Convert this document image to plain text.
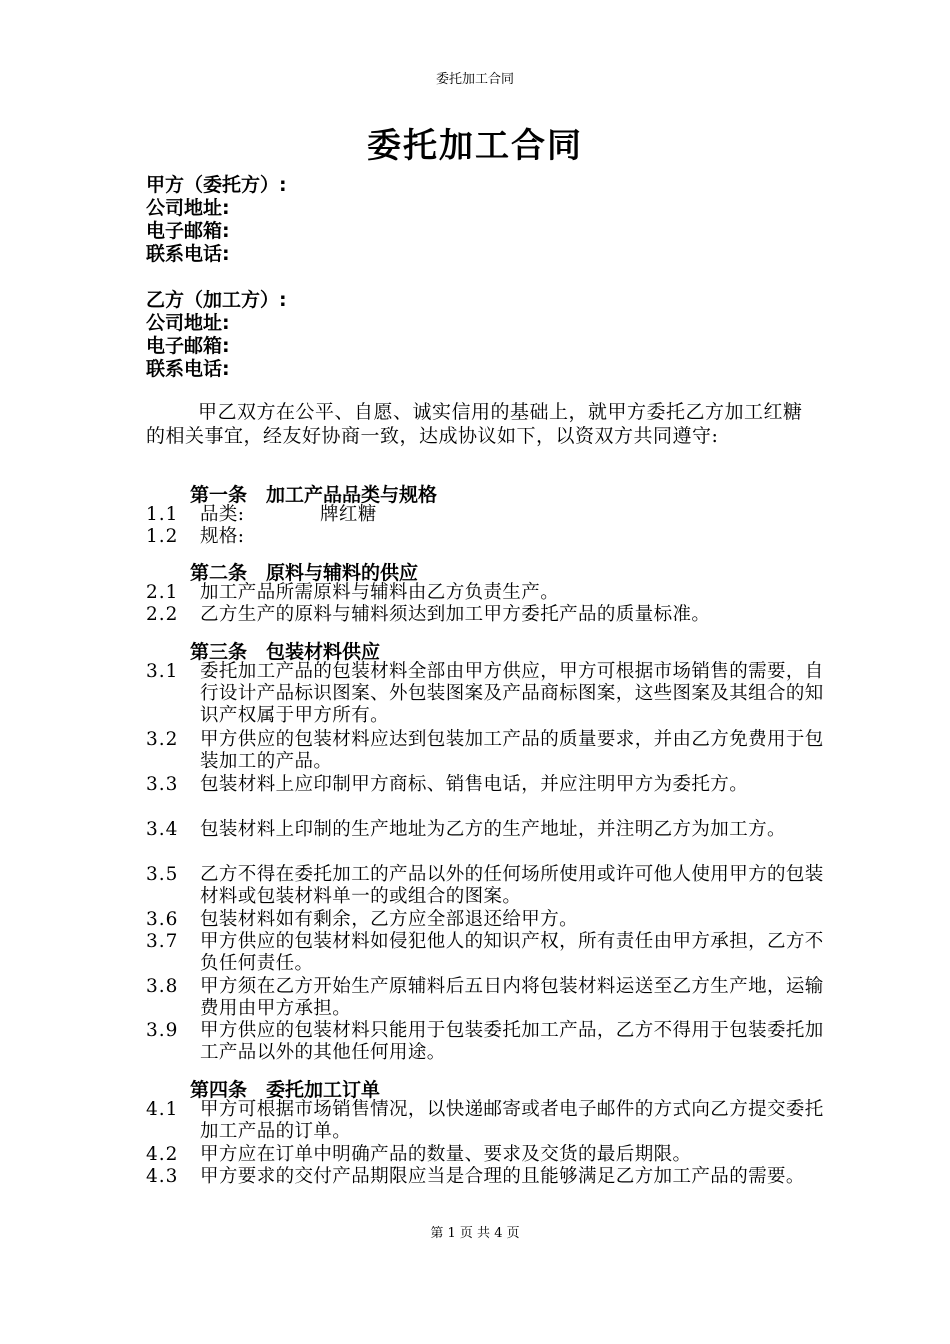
委托加工合同
委托加工合同
甲方（委托方）:
公司地址:
电子邮箱:
联系电话:
乙方（加工方）:
公司地址:
电子邮箱:
联系电话:
甲乙双方在公平、自愿、诚实信用的基础上，就甲方委托乙方加工红糖的相关事宜，经友好协商一致，达成协议如下，以资双方共同遵守:
第一条　加工产品品类与规格
1.1	品类:　　　　牌红糖
1.2	规格:
第二条　原料与辅料的供应
2.1	加工产品所需原料与辅料由乙方负责生产。
2.2	乙方生产的原料与辅料须达到加工甲方委托产品的质量标准。
第三条　包装材料供应
3.1	委托加工产品的包装材料全部由甲方供应，甲方可根据市场销售的需要，自行设计产品标识图案、外包装图案及产品商标图案，这些图案及其组合的知识产权属于甲方所有。
3.2	甲方供应的包装材料应达到包装加工产品的质量要求，并由乙方免费用于包装加工的产品。
3.3	包装材料上应印制甲方商标、销售电话，并应注明甲方为委托方。
3.4	包装材料上印制的生产地址为乙方的生产地址，并注明乙方为加工方。
3.5	乙方不得在委托加工的产品以外的任何场所使用或许可他人使用甲方的包装材料或包装材料单一的或组合的图案。
3.6	包装材料如有剩余，乙方应全部退还给甲方。
3.7	甲方供应的包装材料如侵犯他人的知识产权，所有责任由甲方承担，乙方不负任何责任。
3.8	甲方须在乙方开始生产原辅料后五日内将包装材料运送至乙方生产地，运输费用由甲方承担。
3.9	甲方供应的包装材料只能用于包装委托加工产品，乙方不得用于包装委托加工产品以外的其他任何用途。
第四条　委托加工订单
4.1	甲方可根据市场销售情况，以快递邮寄或者电子邮件的方式向乙方提交委托加工产品的订单。
4.2	甲方应在订单中明确产品的数量、要求及交货的最后期限。
4.3	甲方要求的交付产品期限应当是合理的且能够满足乙方加工产品的需要。
第 1 页 共 4 页
